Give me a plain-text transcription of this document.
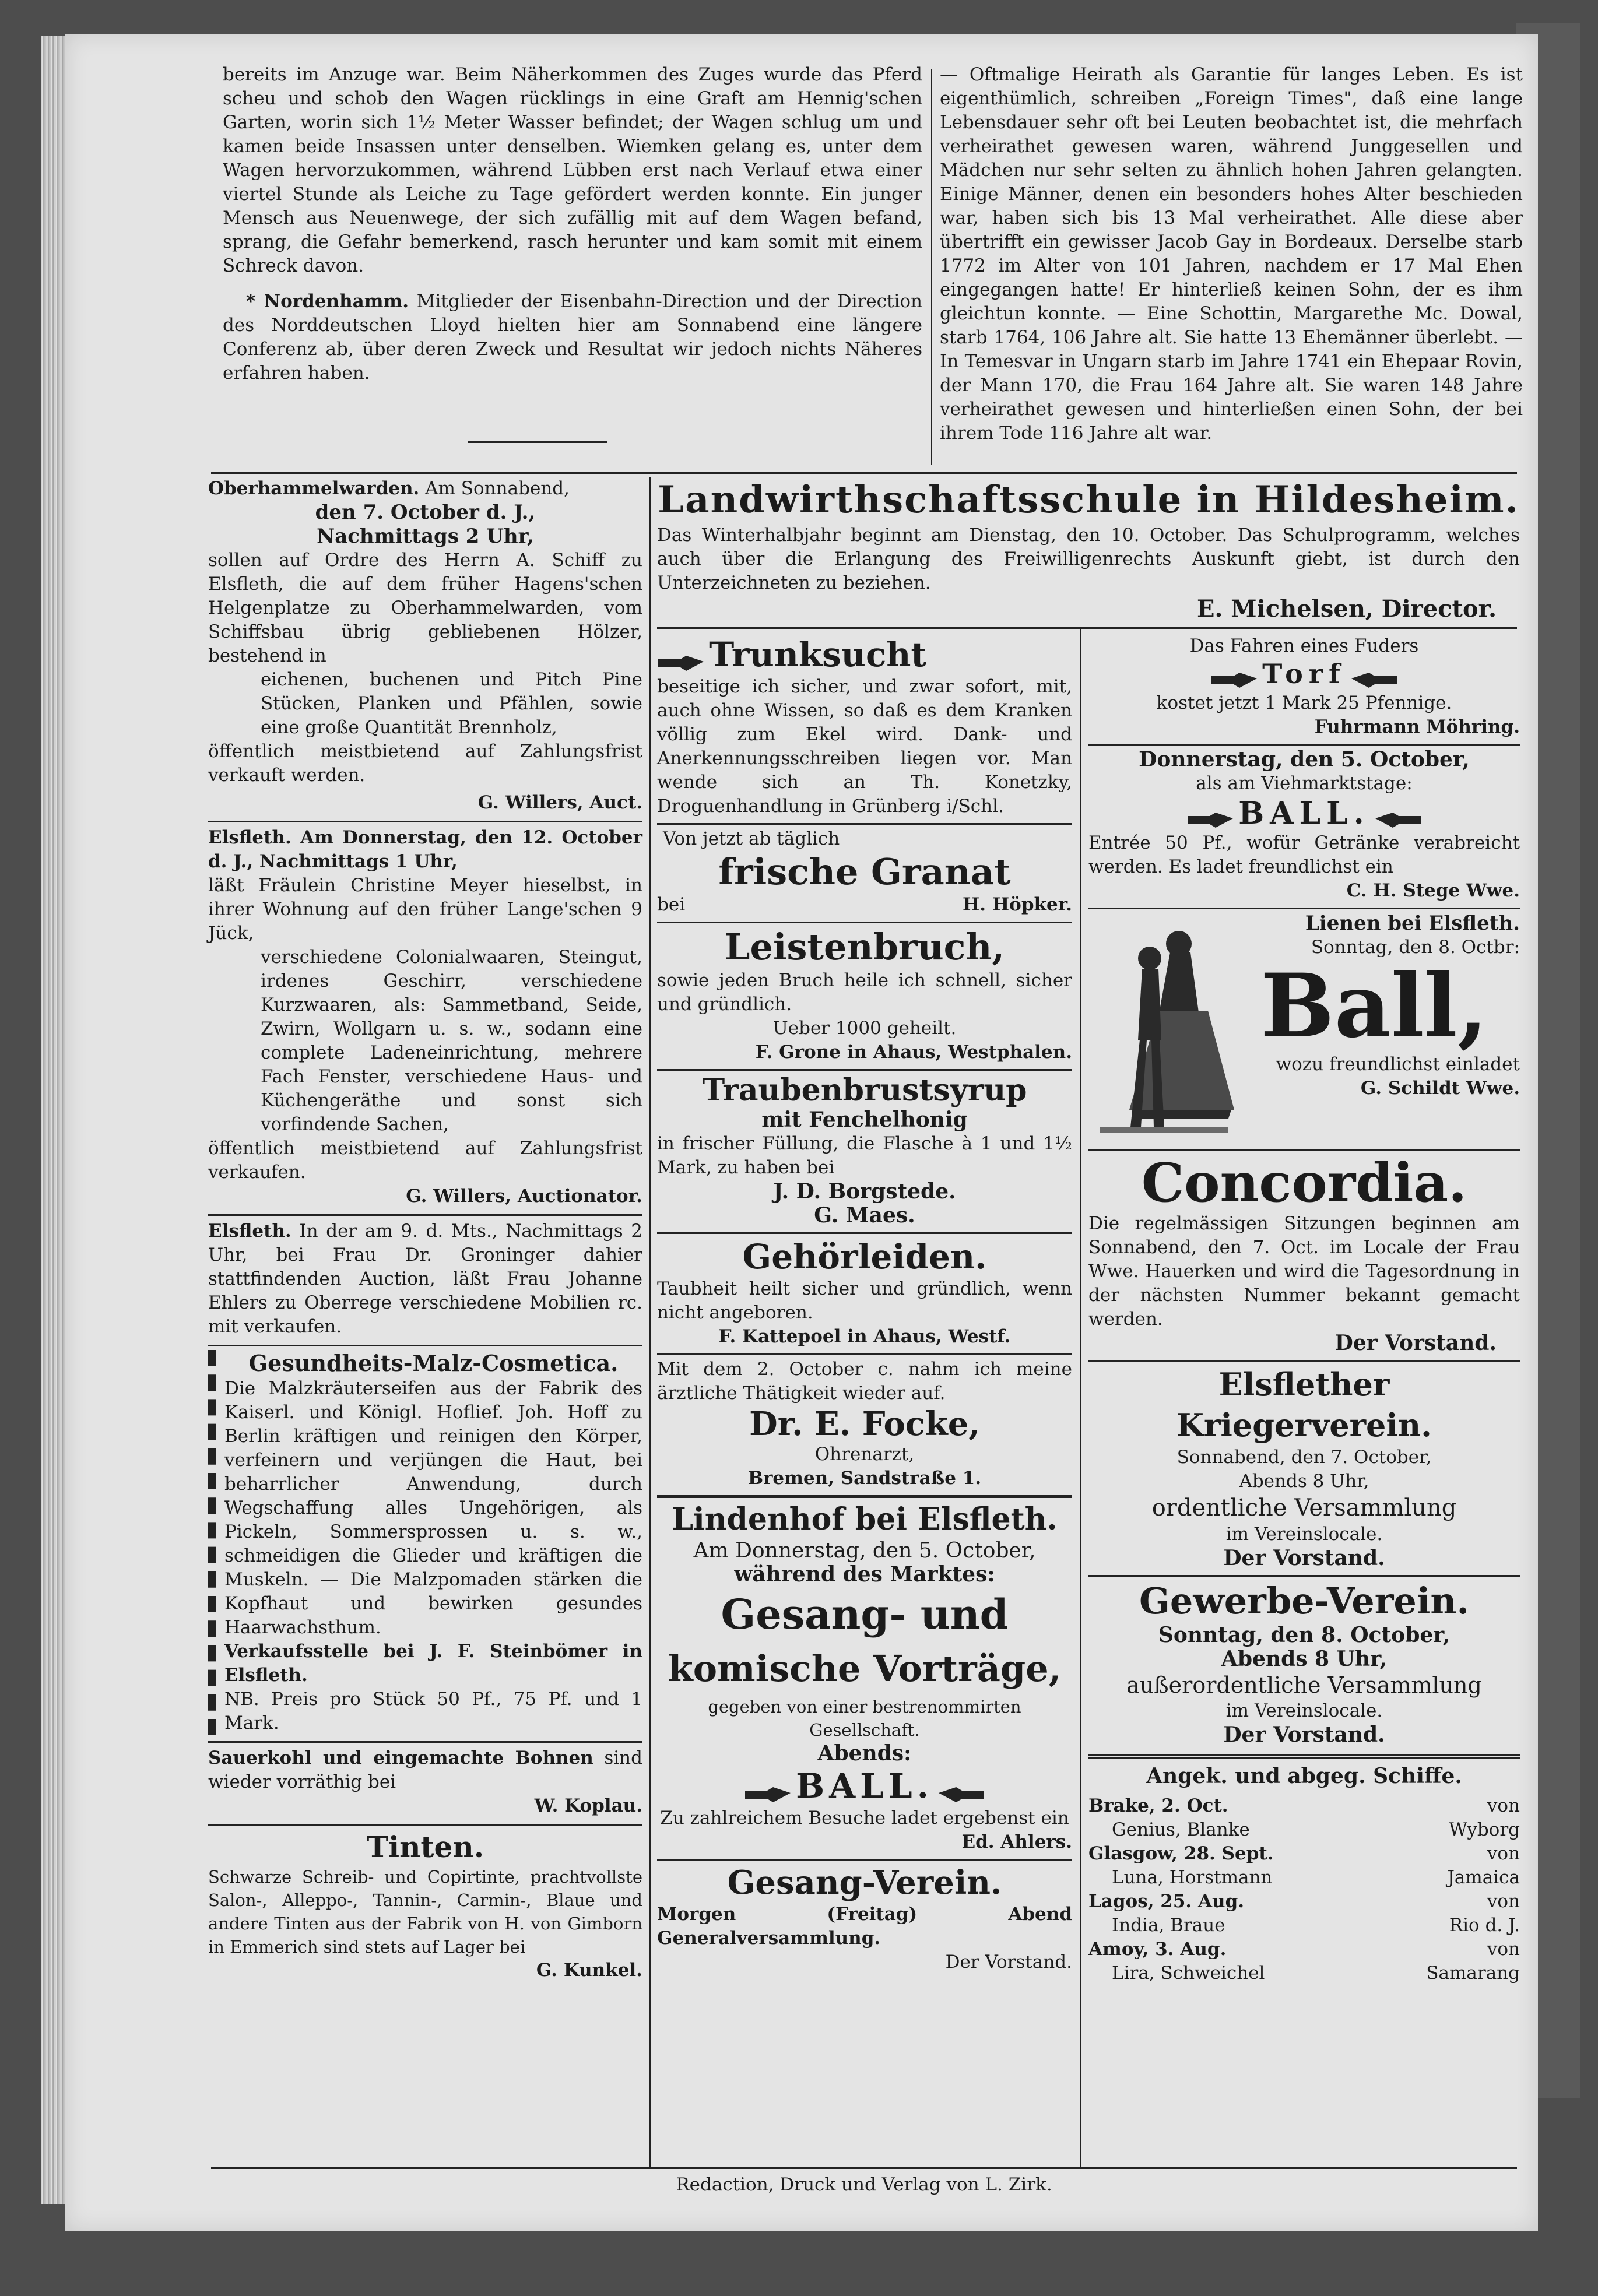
bereits im Anzuge war. Beim Näherkommen des Zuges wurde das Pferd scheu und schob den Wagen rücklings in eine Graft am Hennig'schen Garten, worin sich 1½ Meter Wasser befindet; der Wagen schlug um und kamen beide Insassen unter denselben. Wiemken gelang es, unter dem Wagen hervorzukommen, während Lübben erst nach Verlauf etwa einer viertel Stunde als Leiche zu Tage gefördert werden konnte. Ein junger Mensch aus Neuenwege, der sich zufällig mit auf dem Wagen befand, sprang, die Gefahr bemerkend, rasch herunter und kam somit mit einem Schreck davon.

* Nordenhamm. Mitglieder der Eisenbahn-Direction und der Direction des Norddeutschen Lloyd hielten hier am Sonnabend eine längere Conferenz ab, über deren Zweck und Resultat wir jedoch nichts Näheres erfahren haben.

— Oftmalige Heirath als Garantie für langes Leben. Es ist eigenthümlich, schreiben „Foreign Times", daß eine lange Lebensdauer sehr oft bei Leuten beobachtet ist, die mehrfach verheirathet gewesen waren, während Junggesellen und Mädchen nur sehr selten zu ähnlich hohen Jahren gelangten. Einige Männer, denen ein besonders hohes Alter beschieden war, haben sich bis 13 Mal verheirathet. Alle diese aber übertrifft ein gewisser Jacob Gay in Bordeaux. Derselbe starb 1772 im Alter von 101 Jahren, nachdem er 17 Mal Ehen eingegangen hatte! Er hinterließ keinen Sohn, der es ihm gleichtun konnte. — Eine Schottin, Margarethe Mc. Dowal, starb 1764, 106 Jahre alt. Sie hatte 13 Ehemänner überlebt. — In Temesvar in Ungarn starb im Jahre 1741 ein Ehepaar Rovin, der Mann 170, die Frau 164 Jahre alt. Sie waren 148 Jahre verheirathet gewesen und hinterließen einen Sohn, der bei ihrem Tode 116 Jahre alt war.

Oberhammelwarden. Am Sonnabend,

den 7. October d. J.,

Nachmittags 2 Uhr,

sollen auf Ordre des Herrn A. Schiff zu Elsfleth, die auf dem früher Hagens'schen Helgenplatze zu Oberhammelwarden, vom Schiffsbau übrig gebliebenen Hölzer, bestehend in

eichenen, buchenen und Pitch Pine Stücken, Planken und Pfählen, sowie eine große Quantität Brennholz,

öffentlich meistbietend auf Zahlungsfrist verkauft werden.

G. Willers, Auct.

Elsfleth. Am Donnerstag, den 12. October d. J., Nachmittags 1 Uhr,

läßt Fräulein Christine Meyer hieselbst, in ihrer Wohnung auf den früher Lange'schen 9 Jück,

verschiedene Colonialwaaren, Steingut, irdenes Geschirr, verschiedene Kurzwaaren, als: Sammetband, Seide, Zwirn, Wollgarn u. s. w., sodann eine complete Ladeneinrichtung, mehrere Fach Fenster, verschiedene Haus- und Küchengeräthe und sonst sich vorfindende Sachen,

öffentlich meistbietend auf Zahlungsfrist verkaufen.

G. Willers, Auctionator.

Elsfleth. In der am 9. d. Mts., Nachmittags 2 Uhr, bei Frau Dr. Groninger dahier stattfindenden Auction, läßt Frau Johanne Ehlers zu Oberrege verschiedene Mobilien rc. mit verkaufen.

Gesundheits-Malz-Cosmetica.

Die Malzkräuterseifen aus der Fabrik des Kaiserl. und Königl. Hoflief. Joh. Hoff zu Berlin kräftigen und reinigen den Körper, verfeinern und verjüngen die Haut, bei beharrlicher Anwendung, durch Wegschaffung alles Ungehörigen, als Pickeln, Sommersprossen u. s. w., schmeidigen die Glieder und kräftigen die Muskeln. — Die Malzpomaden stärken die Kopfhaut und bewirken gesundes Haarwachsthum.

Verkaufsstelle bei J. F. Steinbömer in Elsfleth.

NB. Preis pro Stück 50 Pf., 75 Pf. und 1 Mark.

Sauerkohl und eingemachte Bohnen sind wieder vorräthig bei

W. Koplau.

Tinten.

Schwarze Schreib- und Copirtinte, prachtvollste Salon-, Alleppo-, Tannin-, Carmin-, Blaue und andere Tinten aus der Fabrik von H. von Gimborn in Emmerich sind stets auf Lager bei

G. Kunkel.

Landwirthschaftsschule in Hildesheim.

Das Winterhalbjahr beginnt am Dienstag, den 10. October. Das Schulprogramm, welches auch über die Erlangung des Freiwilligenrechts Auskunft giebt, ist durch den Unterzeichneten zu beziehen.

E. Michelsen, Director.

Trunksucht

beseitige ich sicher, und zwar sofort, mit, auch ohne Wissen, so daß es dem Kranken völlig zum Ekel wird. Dank- und Anerkennungsschreiben liegen vor. Man wende sich an Th. Konetzky, Droguenhandlung in Grünberg i/Schl.

Von jetzt ab täglich

frische Granat

bei	H. Höpker.

Leistenbruch,

sowie jeden Bruch heile ich schnell, sicher und gründlich.

Ueber 1000 geheilt.

F. Grone in Ahaus, Westphalen.

Traubenbrustsyrup

mit Fenchelhonig

in frischer Füllung, die Flasche à 1 und 1½ Mark, zu haben bei

J. D. Borgstede.

G. Maes.

Gehörleiden.

Taubheit heilt sicher und gründlich, wenn nicht angeboren.

F. Kattepoel in Ahaus, Westf.

Mit dem 2. October c. nahm ich meine ärztliche Thätigkeit wieder auf.

Dr. E. Focke,

Ohrenarzt,

Bremen, Sandstraße 1.

Lindenhof bei Elsfleth.

Am Donnerstag, den 5. October,

während des Marktes:

Gesang- und

komische Vorträge,

gegeben von einer bestrenommirten Gesellschaft.

Abends:

BALL.

Zu zahlreichem Besuche ladet ergebenst ein

Ed. Ahlers.

Gesang-Verein.

Morgen (Freitag) Abend Generalversammlung.

Der Vorstand.

Das Fahren eines Fuders

Torf

kostet jetzt 1 Mark 25 Pfennige.

Fuhrmann Möhring.

Donnerstag, den 5. October,

als am Viehmarktstage:

BALL.

Entrée 50 Pf., wofür Getränke verabreicht werden. Es ladet freundlichst ein

C. H. Stege Wwe.

Lienen bei Elsfleth.

Sonntag, den 8. Octbr:

Ball,

wozu freundlichst einladet

G. Schildt Wwe.

Concordia.

Die regelmässigen Sitzungen beginnen am Sonnabend, den 7. Oct. im Locale der Frau Wwe. Hauerken und wird die Tagesordnung in der nächsten Nummer bekannt gemacht werden.

Der Vorstand.

Elsflether Kriegerverein.

Sonnabend, den 7. October,

Abends 8 Uhr,

ordentliche Versammlung

im Vereinslocale.

Der Vorstand.

Gewerbe-Verein.

Sonntag, den 8. October,

Abends 8 Uhr,

außerordentliche Versammlung

im Vereinslocale.

Der Vorstand.

Angek. und abgeg. Schiffe.

Brake, 2. Oct.	von
Genius, Blanke	Wyborg
Glasgow, 28. Sept.	von
Luna, Horstmann	Jamaica
Lagos, 25. Aug.	von
India, Braue	Rio d. J.
Amoy, 3. Aug.	von
Lira, Schweichel	Samarang

Redaction, Druck und Verlag von L. Zirk.
